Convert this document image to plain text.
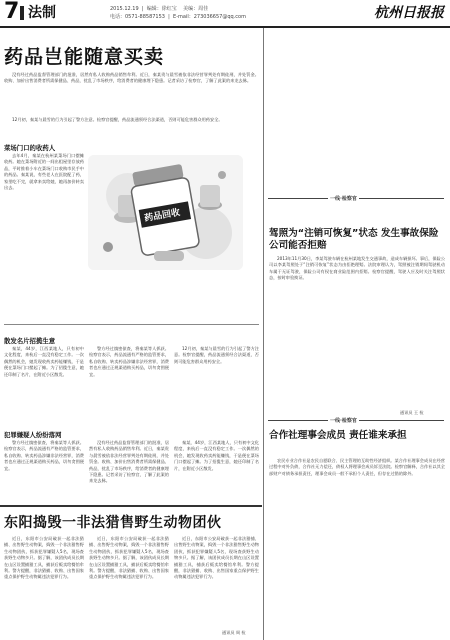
7 法制	2015.12.19  |  编辑：徐红宝 美编：周佳
电话：0571-88587153  |  E-mail：273036657@qq.com	杭州日报报
药品岂能随意买卖
没有经过药品监督管理部门的批准，居然有私人收购药品销售牟利。近日，秦某贵与晨雪被依非法经营罪判处有期徒刑，并处罚金。收购、加价出售消费者所需保健品、药品，扰乱了市场秩序，给消费者的健康埋下隐患。记者采访了检察官，了解了此案的来龙去脉。
12月初，秦某与晨雪的行为引起了警方注意。检察官提醒，药品流通须经合法渠道，否则可能危害群众用药安全。
菜场门口的收药人
去年4月，秦某在杭州某菜场门口摆摊收药。她在菜场附近的一间出租屋里存放药品，平时推着小车在菜场门口收购市民手中的药品。秦某说，有些老人在医院配了药，家里吃不完，就拿来卖给她，她再加价转卖出去。
药品回收
散发名片招揽生意
秦某，44岁，江西某地人，只有初中文化程度，来杭后一直没有稳定工作。一次偶然的机会，她发现收药卖药能赚钱，于是便在菜场门口摆起了摊。为了招揽生意，她还印制了名片，在附近小区散发。
警方经过缜密侦查，将秦某等人抓获。检察官表示，药品流通有严格的监管要求，私自收购、转卖药品涉嫌非法经营罪，消费者也应通过正规渠道购买药品，切勿贪图便宜。
12月初，秦某与晨雪的行为引起了警方注意。检察官提醒，药品流通须经合法渠道，否则可能危害群众用药安全。
犯罪嫌疑人纷纷落网
警方经过缜密侦查，将秦某等人抓获。检察官表示，药品流通有严格的监管要求，私自收购、转卖药品涉嫌非法经营罪，消费者也应通过正规渠道购买药品，切勿贪图便宜。
没有经过药品监督管理部门的批准，居然有私人收购药品销售牟利。近日，秦某贵与晨雪被依非法经营罪判处有期徒刑，并处罚金。收购、加价出售消费者所需保健品、药品，扰乱了市场秩序，给消费者的健康埋下隐患。记者采访了检察官，了解了此案的来龙去脉。
秦某，44岁，江西某地人，只有初中文化程度，来杭后一直没有稳定工作。一次偶然的机会，她发现收药卖药能赚钱，于是便在菜场门口摆起了摊。为了招揽生意，她还印制了名片，在附近小区散发。
一线·检察官
驾照为“注销可恢复”状态 发生事故保险公司能否拒赔
2013年11月30日，李某驾驶车辆在杭州某地发生交通事故，造成车辆损坏。事后，保险公司以李某驾照处于“注销可恢复”状态为由拒绝理赔。法院审理认为，驾照被注销期间驾驶机动车属于无证驾驶，保险公司有权在商业险范围内拒赔。检察官提醒，驾驶人应及时关注驾照状态，按时审验换证。
通讯员 王 检
一线·检察官
合作社理事会成员 责任谁来承担
农民专业合作社是农民自愿联合、民主管理的互助性经济组织。某合作社理事会成员在经营过程中对外负债，合作社无力偿还，债权人将理事会成员诉至法院。检察官解释，合作社以其全部财产对债务承担责任，理事会成员一般不承担个人责任，但存在过错的除外。
东阳捣毁一非法猎售野生动物团伙
近日，东阳市公安局破获一起非法猎捕、出售野生动物案，捣毁一个非法猎售野生动物团伙，抓获犯罪嫌疑人5名，现场查获野生动物多只。据了解，该团伙成员长期在山区设置捕猎工具，捕获后贩卖给餐馆牟利。警方提醒，非法猎捕、收购、出售国家重点保护野生动物属违法犯罪行为。
近日，东阳市公安局破获一起非法猎捕、出售野生动物案，捣毁一个非法猎售野生动物团伙，抓获犯罪嫌疑人5名，现场查获野生动物多只。据了解，该团伙成员长期在山区设置捕猎工具，捕获后贩卖给餐馆牟利。警方提醒，非法猎捕、收购、出售国家重点保护野生动物属违法犯罪行为。
近日，东阳市公安局破获一起非法猎捕、出售野生动物案，捣毁一个非法猎售野生动物团伙，抓获犯罪嫌疑人5名，现场查获野生动物多只。据了解，该团伙成员长期在山区设置捕猎工具，捕获后贩卖给餐馆牟利。警方提醒，非法猎捕、收购、出售国家重点保护野生动物属违法犯罪行为。
通讯员 周 检
